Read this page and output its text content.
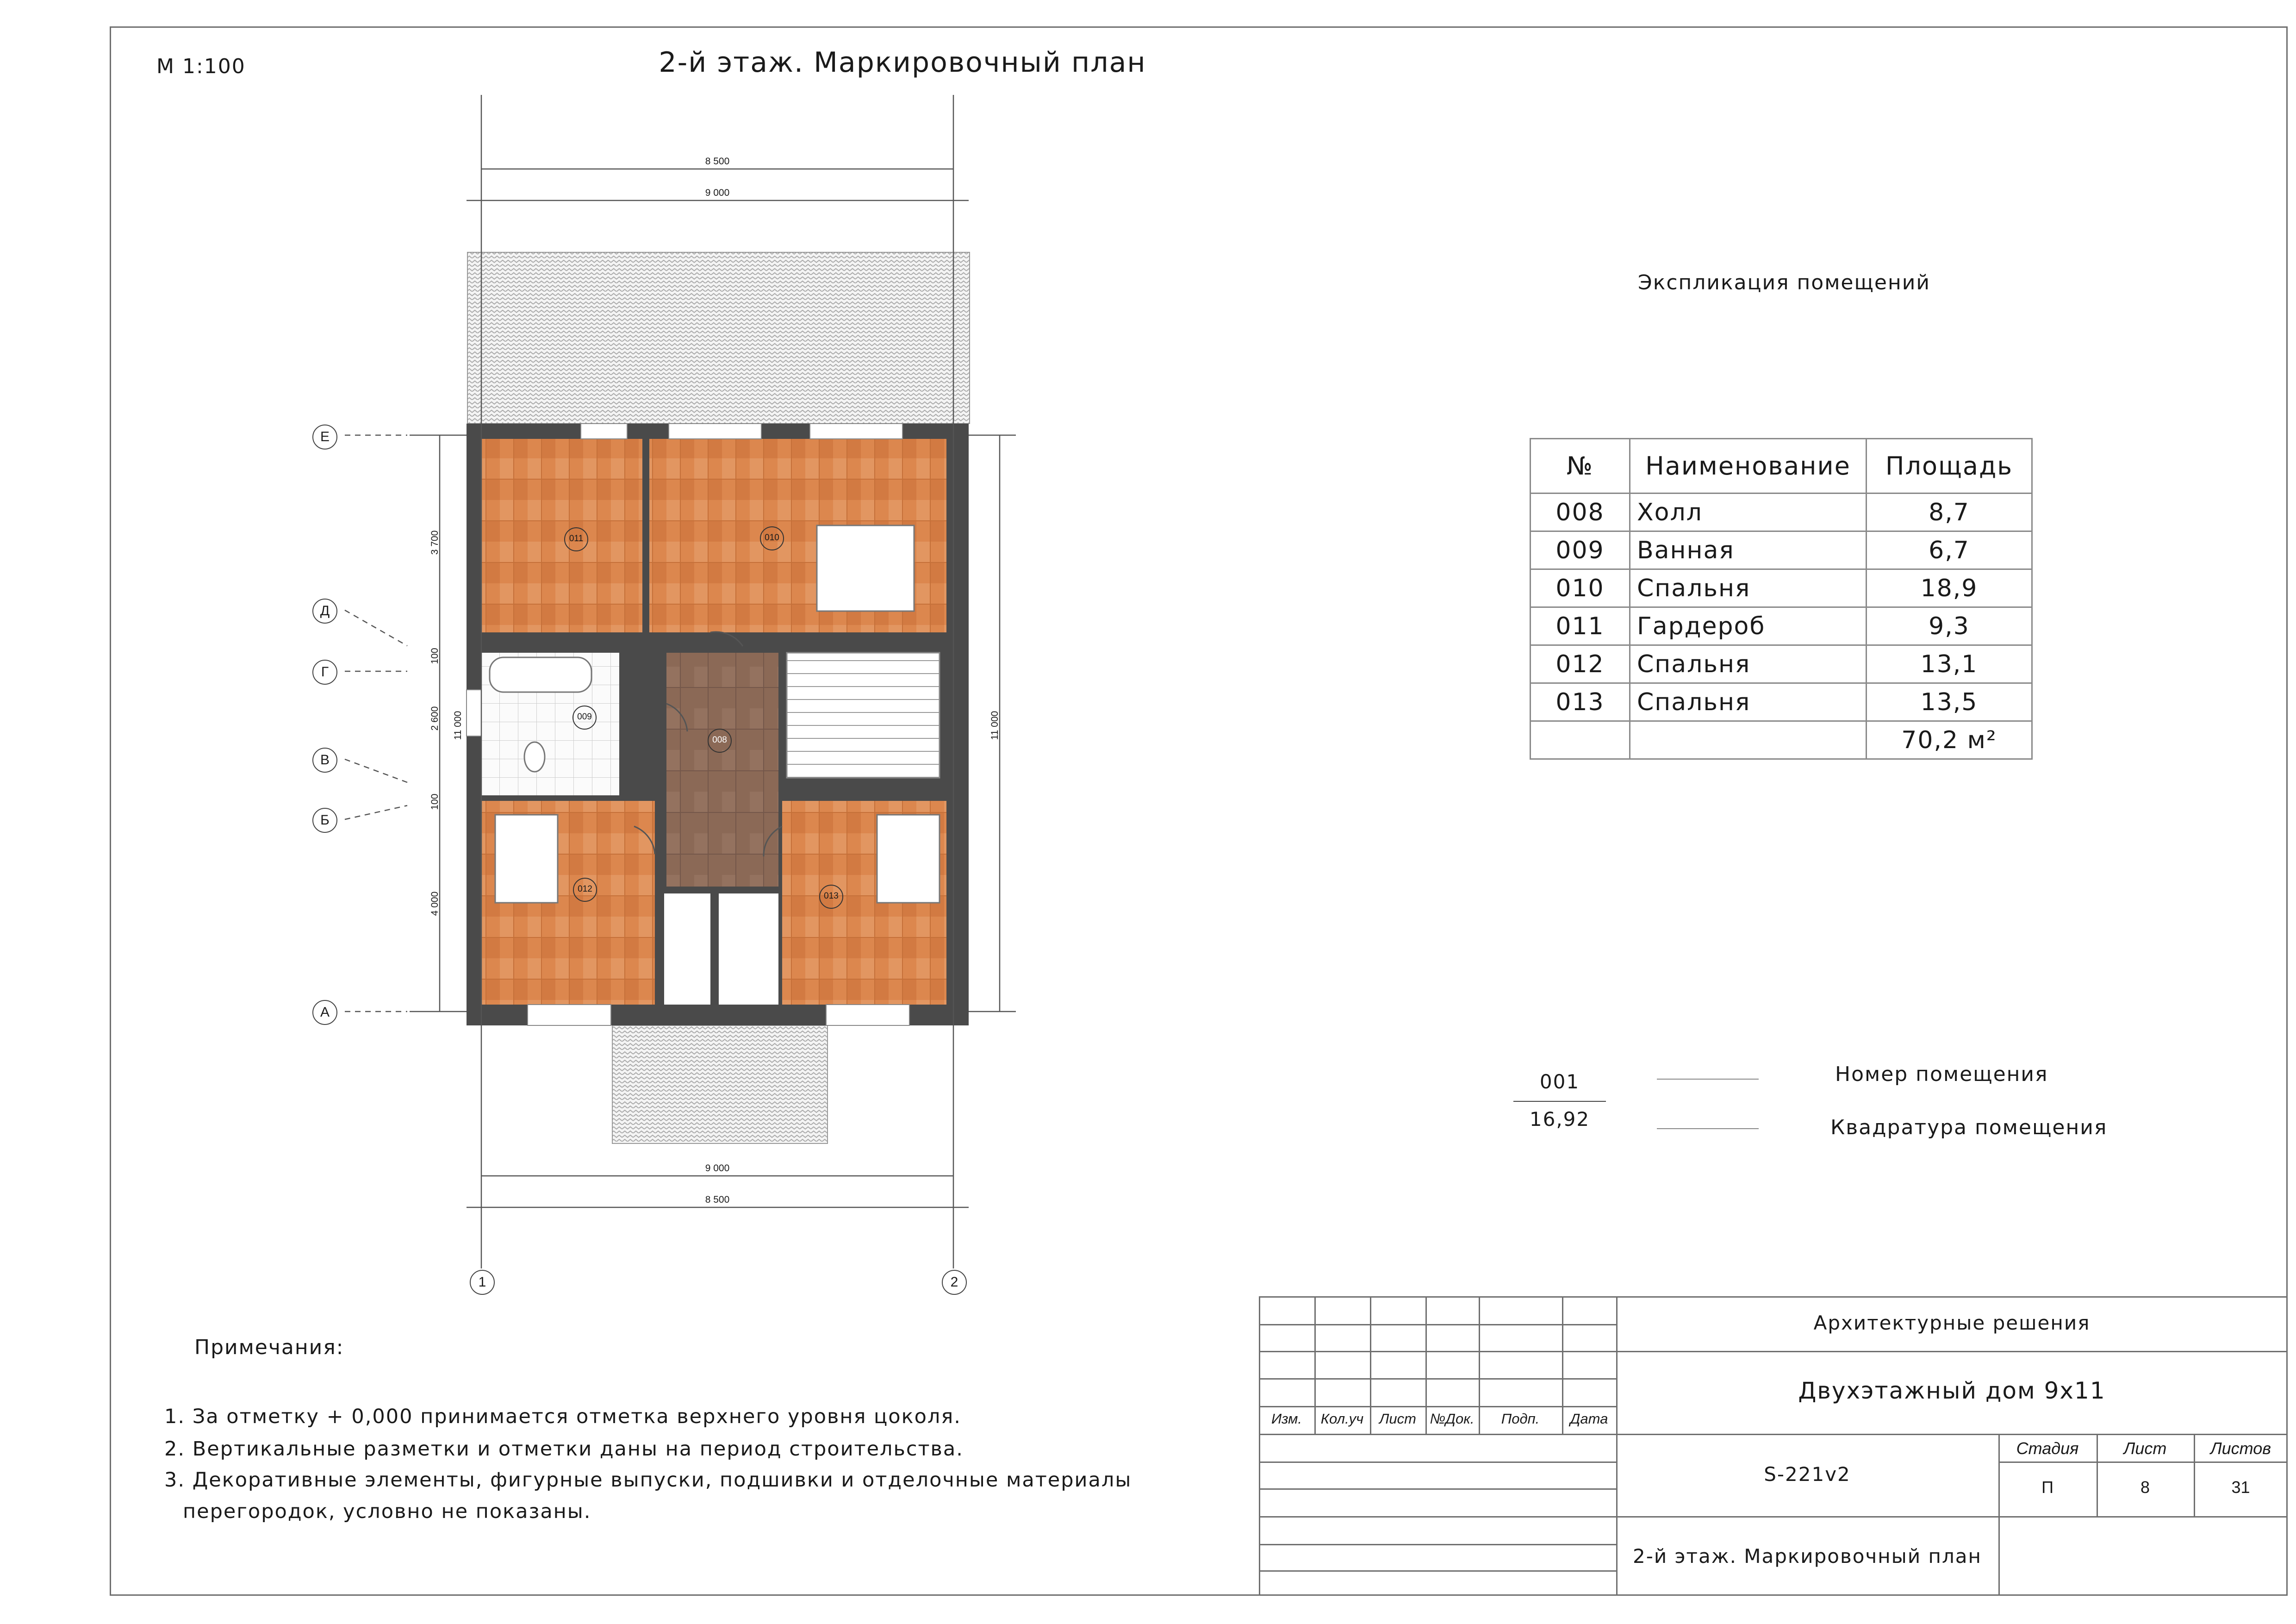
М 1:100	2-й этаж. Маркировочный план
011	010
009
008
012
013
8 500
9 000
9 000
8 500
3 700
100
2 600
100
4 000
11 000	11 000
Е
Д
Г
В
Б
А
1	2
Экспликация помещений
№	Наименование	Площадь
008	Холл	8,7
009	Ванная	6,7
010	Спальня	18,9
011	Гардероб	9,3
012	Спальня	13,1
013	Спальня	13,5
		70,2 м²
001
16,92
Номер помещения
Квадратура помещения
Примечания:
1. За отметку + 0,000 принимается отметка верхнего уровня цоколя.
2. Вертикальные разметки и отметки даны на период строительства.
3. Декоративные элементы, фигурные выпуски, подшивки и отделочные материалы
перегородок, условно не показаны.
Изм.	Кол.уч	Лист №Док.	Подп.	Дата
Архитектурные решения
Двухэтажный дом 9х11
S-221v2
2-й этаж. Маркировочный план
Стадия	Лист	Листов
П	8	31
